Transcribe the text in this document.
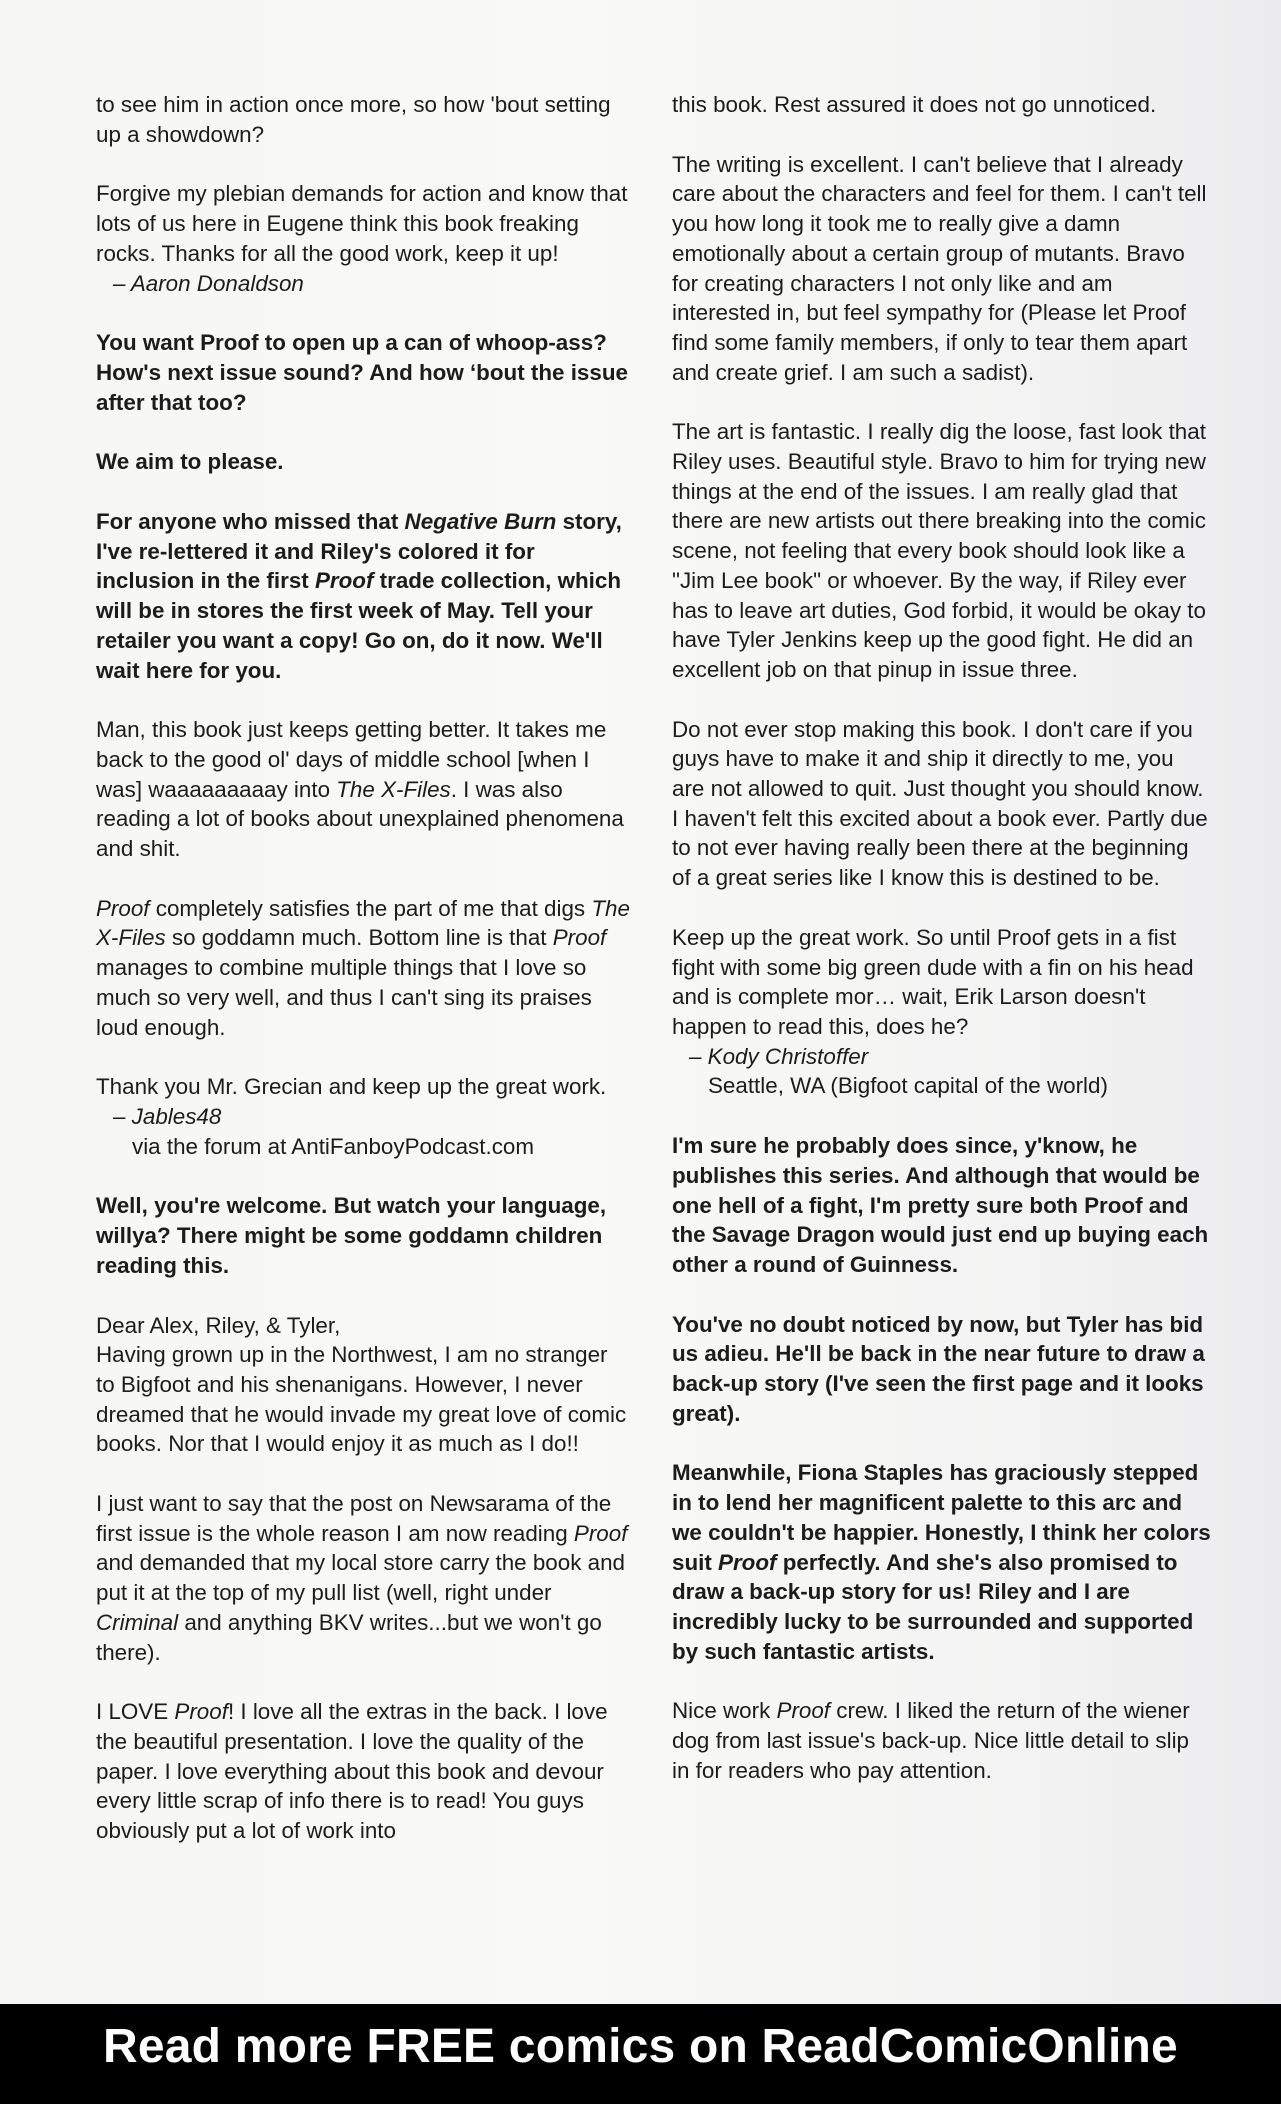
to see him in action once more, so how 'bout setting up a showdown?

Forgive my plebian demands for action and know that lots of us here in Eugene think this book freaking rocks. Thanks for all the good work, keep it up!

– Aaron Donaldson

You want Proof to open up a can of whoop-ass? How's next issue sound? And how ‘bout the issue after that too?

We aim to please.

For anyone who missed that Negative Burn story, I've re-lettered it and Riley's colored it for inclusion in the first Proof trade collection, which will be in stores the first week of May. Tell your retailer you want a copy! Go on, do it now. We'll wait here for you.

Man, this book just keeps getting better. It takes me back to the good ol' days of middle school [when I was] waaaaaaaaay into The X-Files. I was also reading a lot of books about unexplained phenomena and shit.

Proof completely satisfies the part of me that digs The X-Files so goddamn much. Bottom line is that Proof manages to combine multiple things that I love so much so very well, and thus I can't sing its praises loud enough.

Thank you Mr. Grecian and keep up the great work.

– Jables48

via the forum at AntiFanboyPodcast.com

Well, you're welcome. But watch your language, willya? There might be some goddamn children reading this.

Dear Alex, Riley, & Tyler,

Having grown up in the Northwest, I am no stranger to Bigfoot and his shenanigans. However, I never dreamed that he would invade my great love of comic books. Nor that I would enjoy it as much as I do!!

I just want to say that the post on Newsarama of the first issue is the whole reason I am now reading Proof and demanded that my local store carry the book and put it at the top of my pull list (well, right under Criminal and anything BKV writes...but we won't go there).

I LOVE Proof! I love all the extras in the back. I love the beautiful presentation. I love the quality of the paper. I love everything about this book and devour every little scrap of info there is to read! You guys obviously put a lot of work into

this book. Rest assured it does not go unnoticed.

The writing is excellent. I can't believe that I already care about the characters and feel for them. I can't tell you how long it took me to really give a damn emotionally about a certain group of mutants. Bravo for creating characters I not only like and am interested in, but feel sympathy for (Please let Proof find some family members, if only to tear them apart and create grief. I am such a sadist).

The art is fantastic. I really dig the loose, fast look that Riley uses. Beautiful style. Bravo to him for trying new things at the end of the issues. I am really glad that there are new artists out there breaking into the comic scene, not feeling that every book should look like a "Jim Lee book" or whoever. By the way, if Riley ever has to leave art duties, God forbid, it would be okay to have Tyler Jenkins keep up the good fight. He did an excellent job on that pinup in issue three.

Do not ever stop making this book. I don't care if you guys have to make it and ship it directly to me, you are not allowed to quit. Just thought you should know. I haven't felt this excited about a book ever. Partly due to not ever having really been there at the beginning of a great series like I know this is destined to be.

Keep up the great work. So until Proof gets in a fist fight with some big green dude with a fin on his head and is complete mor… wait, Erik Larson doesn't happen to read this, does he?

– Kody Christoffer

Seattle, WA (Bigfoot capital of the world)

I'm sure he probably does since, y'know, he publishes this series. And although that would be one hell of a fight, I'm pretty sure both Proof and the Savage Dragon would just end up buying each other a round of Guinness.

You've no doubt noticed by now, but Tyler has bid us adieu. He'll be back in the near future to draw a back-up story (I've seen the first page and it looks great).

Meanwhile, Fiona Staples has graciously stepped in to lend her magnificent palette to this arc and we couldn't be happier. Honestly, I think her colors suit Proof perfectly. And she's also promised to draw a back-up story for us! Riley and I are incredibly lucky to be surrounded and supported by such fantastic artists.

Nice work Proof crew. I liked the return of the wiener dog from last issue's back-up. Nice little detail to slip in for readers who pay attention.

Read more FREE comics on ReadComicOnline
